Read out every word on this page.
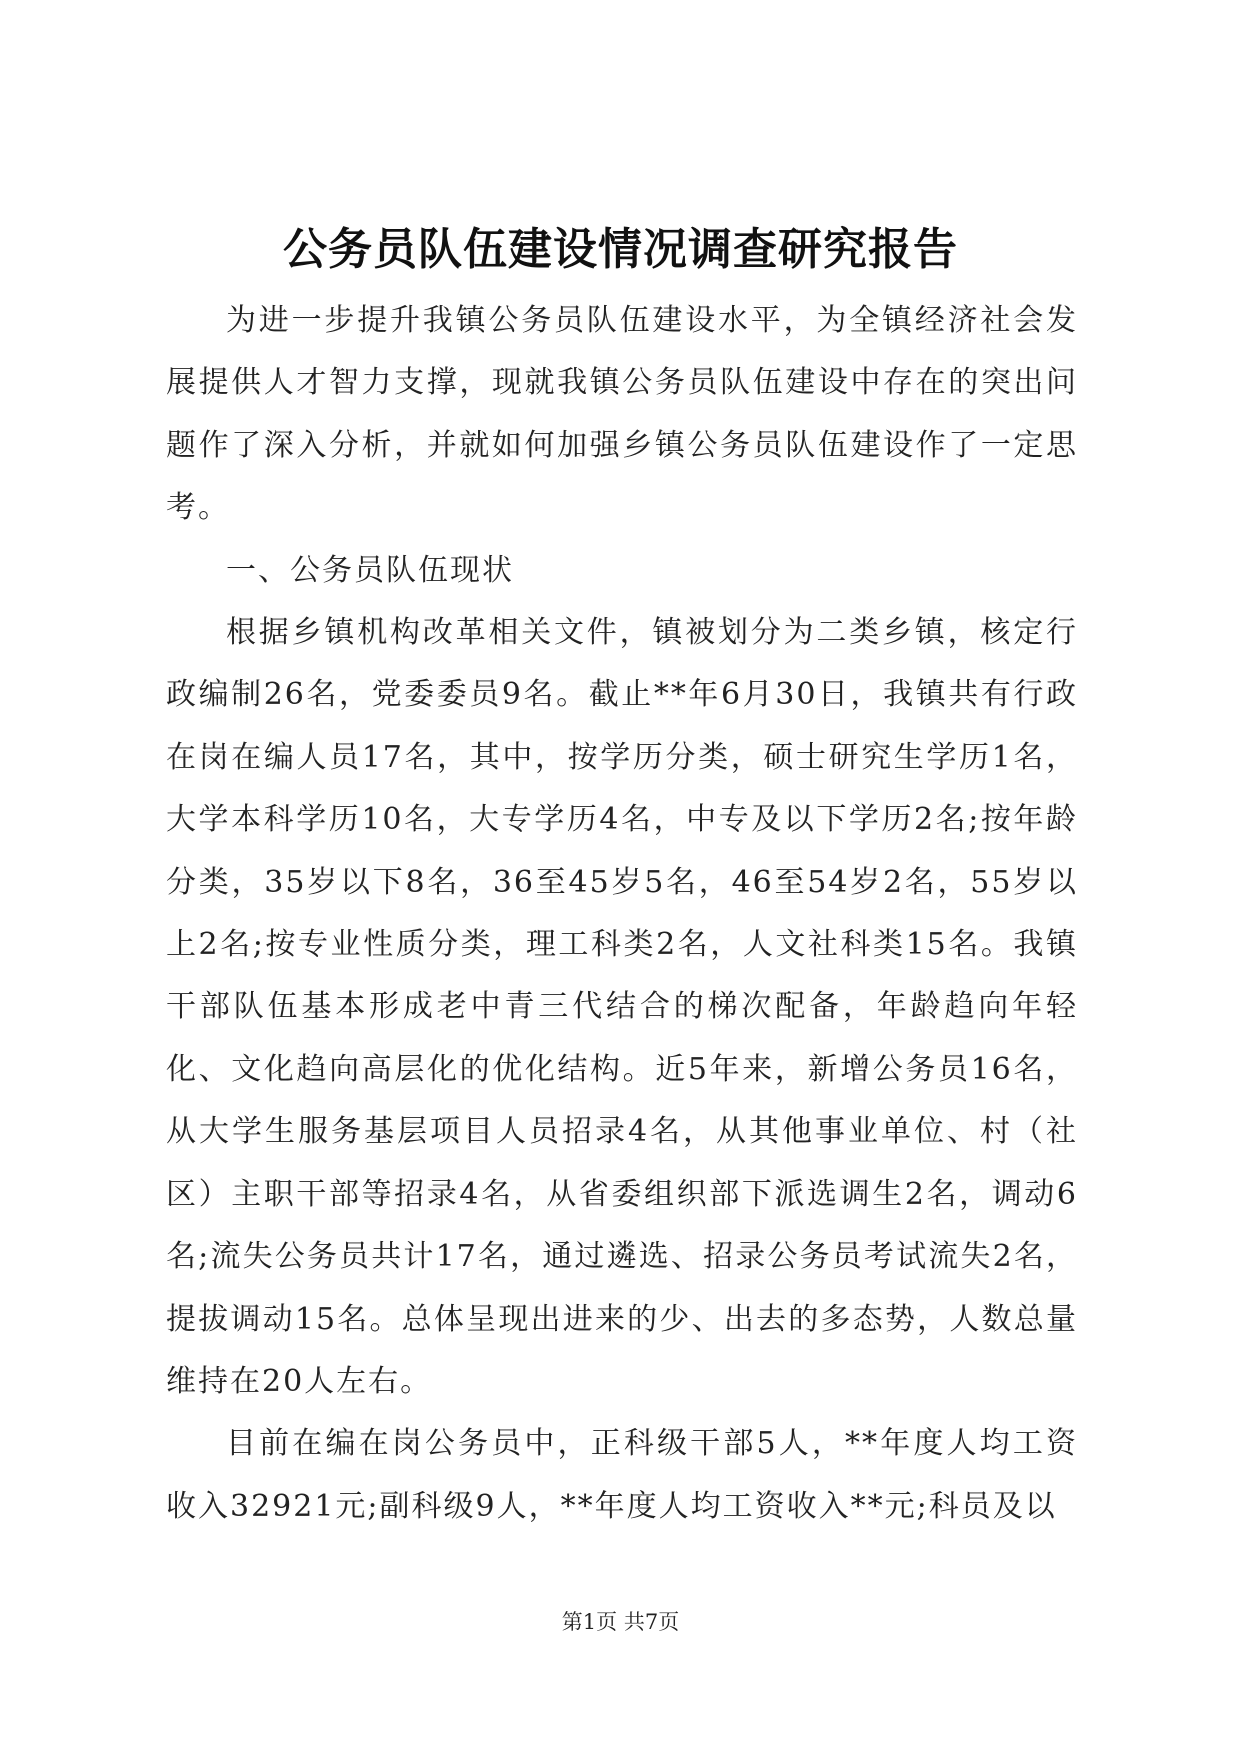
公务员队伍建设情况调查研究报告

为进一步提升我镇公务员队伍建设水平，为全镇经济社会发展提供人才智力支撑，现就我镇公务员队伍建设中存在的突出问题作了深入分析，并就如何加强乡镇公务员队伍建设作了一定思考。

一、公务员队伍现状

根据乡镇机构改革相关文件，镇被划分为二类乡镇，核定行政编制26名，党委委员9名。截止**年6月30日，我镇共有行政在岗在编人员17名，其中，按学历分类，硕士研究生学历1名，大学本科学历10名，大专学历4名，中专及以下学历2名;按年龄分类，35岁以下8名，36至45岁5名，46至54岁2名，55岁以上2名;按专业性质分类，理工科类2名，人文社科类15名。我镇干部队伍基本形成老中青三代结合的梯次配备，年龄趋向年轻化、文化趋向高层化的优化结构。近5年来，新增公务员16名，从大学生服务基层项目人员招录4名，从其他事业单位、村（社区）主职干部等招录4名，从省委组织部下派选调生2名，调动6名;流失公务员共计17名，通过遴选、招录公务员考试流失2名，提拔调动15名。总体呈现出进来的少、出去的多态势，人数总量维持在20人左右。

目前在编在岗公务员中，正科级干部5人，**年度人均工资收入32921元;副科级9人，**年度人均工资收入**元;科员及以

第1页 共7页
